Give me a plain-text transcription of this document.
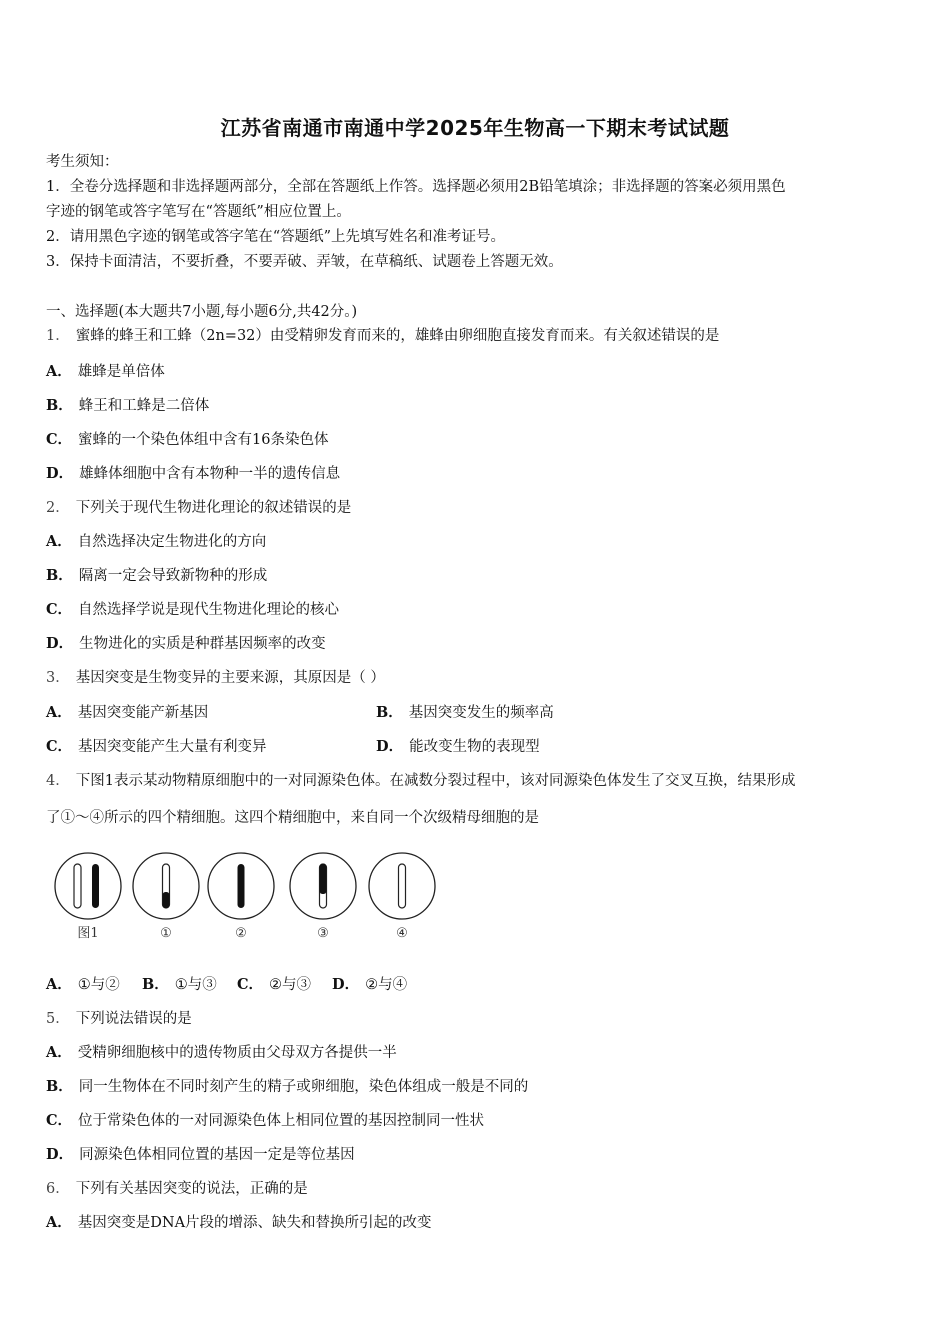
江苏省南通市南通中学2025年生物高一下期末考试试题
考生须知：
1．全卷分选择题和非选择题两部分，全部在答题纸上作答。选择题必须用2B铅笔填涂；非选择题的答案必须用黑色
字迹的钢笔或答字笔写在“答题纸”相应位置上。
2．请用黑色字迹的钢笔或答字笔在“答题纸”上先填写姓名和准考证号。
3．保持卡面清洁，不要折叠，不要弄破、弄皱，在草稿纸、试题卷上答题无效。
一、选择题(本大题共7小题,每小题6分,共42分。)
1． 蜜蜂的蜂王和工蜂（2n=32）由受精卵发育而来的，雄蜂由卵细胞直接发育而来。有关叙述错误的是
A． 雄蜂是单倍体
B． 蜂王和工蜂是二倍体
C． 蜜蜂的一个染色体组中含有16条染色体
D． 雄蜂体细胞中含有本物种一半的遗传信息
2． 下列关于现代生物进化理论的叙述错误的是
A． 自然选择决定生物进化的方向
B． 隔离一定会导致新物种的形成
C． 自然选择学说是现代生物进化理论的核心
D． 生物进化的实质是种群基因频率的改变
3． 基因突变是生物变异的主要来源，其原因是（ ）
A． 基因突变能产新基因	B． 基因突变发生的频率高
C． 基因突变能产生大量有利变异	D． 能改变生物的表现型
4． 下图1表示某动物精原细胞中的一对同源染色体。在减数分裂过程中，该对同源染色体发生了交叉互换，结果形成
了①～④所示的四个精细胞。这四个精细胞中，来自同一个次级精母细胞的是
图1	①	②	③	④
A． ①与② B． ①与③ C． ②与③ D． ②与④
5． 下列说法错误的是
A． 受精卵细胞核中的遗传物质由父母双方各提供一半
B． 同一生物体在不同时刻产生的精子或卵细胞，染色体组成一般是不同的
C． 位于常染色体的一对同源染色体上相同位置的基因控制同一性状
D． 同源染色体相同位置的基因一定是等位基因
6． 下列有关基因突变的说法，正确的是
A． 基因突变是DNA片段的增添、缺失和替换所引起的改变
